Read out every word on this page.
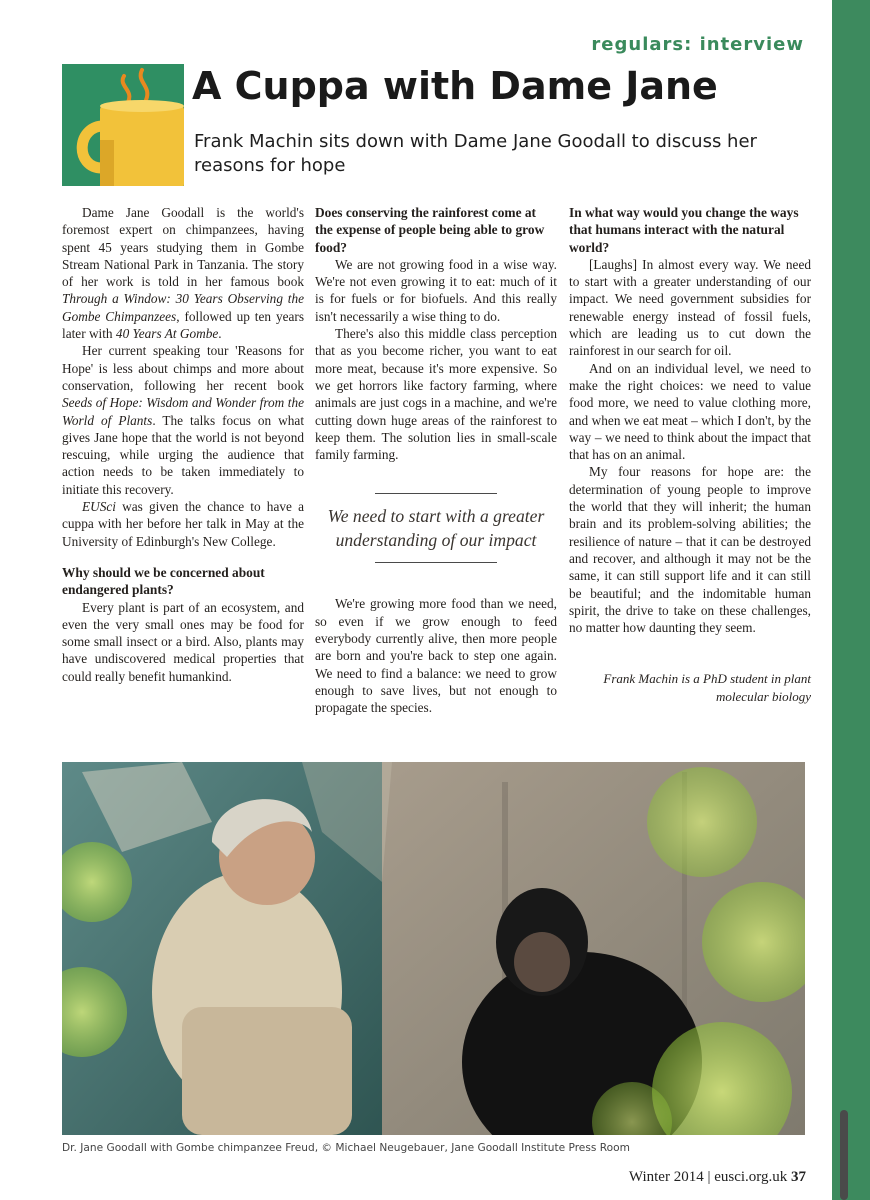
regulars: interview
A Cuppa with Dame Jane

Frank Machin sits down with Dame Jane Goodall to discuss her reasons for hope

Dame Jane Goodall is the world's foremost expert on chimpanzees, having spent 45 years studying them in Gombe Stream National Park in Tanzania. The story of her work is told in her famous book Through a Window: 30 Years Observing the Gombe Chimpanzees, followed up ten years later with 40 Years At Gombe.

Her current speaking tour 'Reasons for Hope' is less about chimps and more about conservation, following her recent book Seeds of Hope: Wisdom and Wonder from the World of Plants. The talks focus on what gives Jane hope that the world is not beyond rescuing, while urging the audience that action needs to be taken immediately to initiate this recovery.

EUSci was given the chance to have a cuppa with her before her talk in May at the University of Edinburgh's New College.

Why should we be concerned about endangered plants?

Every plant is part of an ecosystem, and even the very small ones may be food for some small insect or a bird. Also, plants may have undiscovered medical properties that could really benefit humankind.

Does conserving the rainforest come at the expense of people being able to grow food?

We are not growing food in a wise way. We're not even growing it to eat: much of it is for fuels or for biofuels. And this really isn't necessarily a wise thing to do.

There's also this middle class perception that as you become richer, you want to eat more meat, because it's more expensive. So we get horrors like factory farming, where animals are just cogs in a machine, and we're cutting down huge areas of the rainforest to keep them. The solution lies in small-scale family farming.

We need to start with a greater understanding of our impact

We're growing more food than we need, so even if we grow enough to feed everybody currently alive, then more people are born and you're back to step one again. We need to find a balance: we need to grow enough to save lives, but not enough to propagate the species.

In what way would you change the ways that humans interact with the natural world?

[Laughs] In almost every way. We need to start with a greater understanding of our impact. We need government subsidies for renewable energy instead of fossil fuels, which are leading us to cut down the rainforest in our search for oil.

And on an individual level, we need to make the right choices: we need to value food more, we need to value clothing more, and when we eat meat – which I don't, by the way – we need to think about the impact that that has on an animal.

My four reasons for hope are: the determination of young people to improve the world that they will inherit; the human brain and its problem-solving abilities; the resilience of nature – that it can be destroyed and recover, and although it may not be the same, it can still support life and it can still be beautiful; and the indomitable human spirit, the drive to take on these challenges, no matter how daunting they seem.

Frank Machin is a PhD student in plant molecular biology
Dr. Jane Goodall with Gombe chimpanzee Freud, © Michael Neugebauer, Jane Goodall Institute Press Room
Winter 2014 | eusci.org.uk 37
